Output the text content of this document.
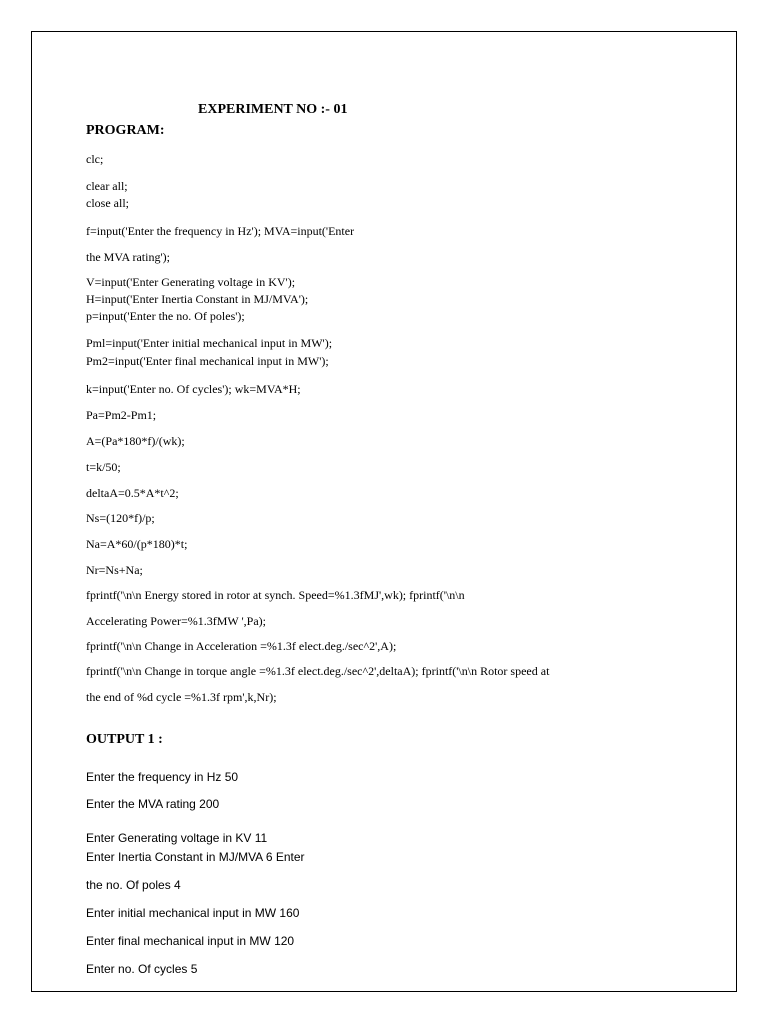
EXPERIMENT NO :- 01
PROGRAM:
clc;
clear all;
close all;
f=input('Enter the frequency in Hz'); MVA=input('Enter
the MVA rating');
V=input('Enter Generating voltage in KV');
H=input('Enter Inertia Constant in MJ/MVA');
p=input('Enter the no. Of poles');
Pml=input('Enter initial mechanical input in MW');
Pm2=input('Enter final mechanical input in MW');
k=input('Enter no. Of cycles'); wk=MVA*H;
Pa=Pm2-Pm1;
A=(Pa*180*f)/(wk);
t=k/50;
deltaA=0.5*A*t^2;
Ns=(120*f)/p;
Na=A*60/(p*180)*t;
Nr=Ns+Na;
fprintf('\n\n Energy stored in rotor at synch. Speed=%1.3fMJ',wk); fprintf('\n\n
Accelerating Power=%1.3fMW ',Pa);
fprintf('\n\n Change in Acceleration =%1.3f elect.deg./sec^2',A);
fprintf('\n\n Change in torque angle =%1.3f elect.deg./sec^2',deltaA); fprintf('\n\n Rotor speed at
the end of %d cycle =%1.3f rpm',k,Nr);
OUTPUT 1 :
Enter the frequency in Hz 50
Enter the MVA rating 200
Enter Generating voltage in KV 11
Enter Inertia Constant in MJ/MVA 6 Enter
the no. Of poles 4
Enter initial mechanical input in MW 160
Enter final mechanical input in MW 120
Enter no. Of cycles 5
